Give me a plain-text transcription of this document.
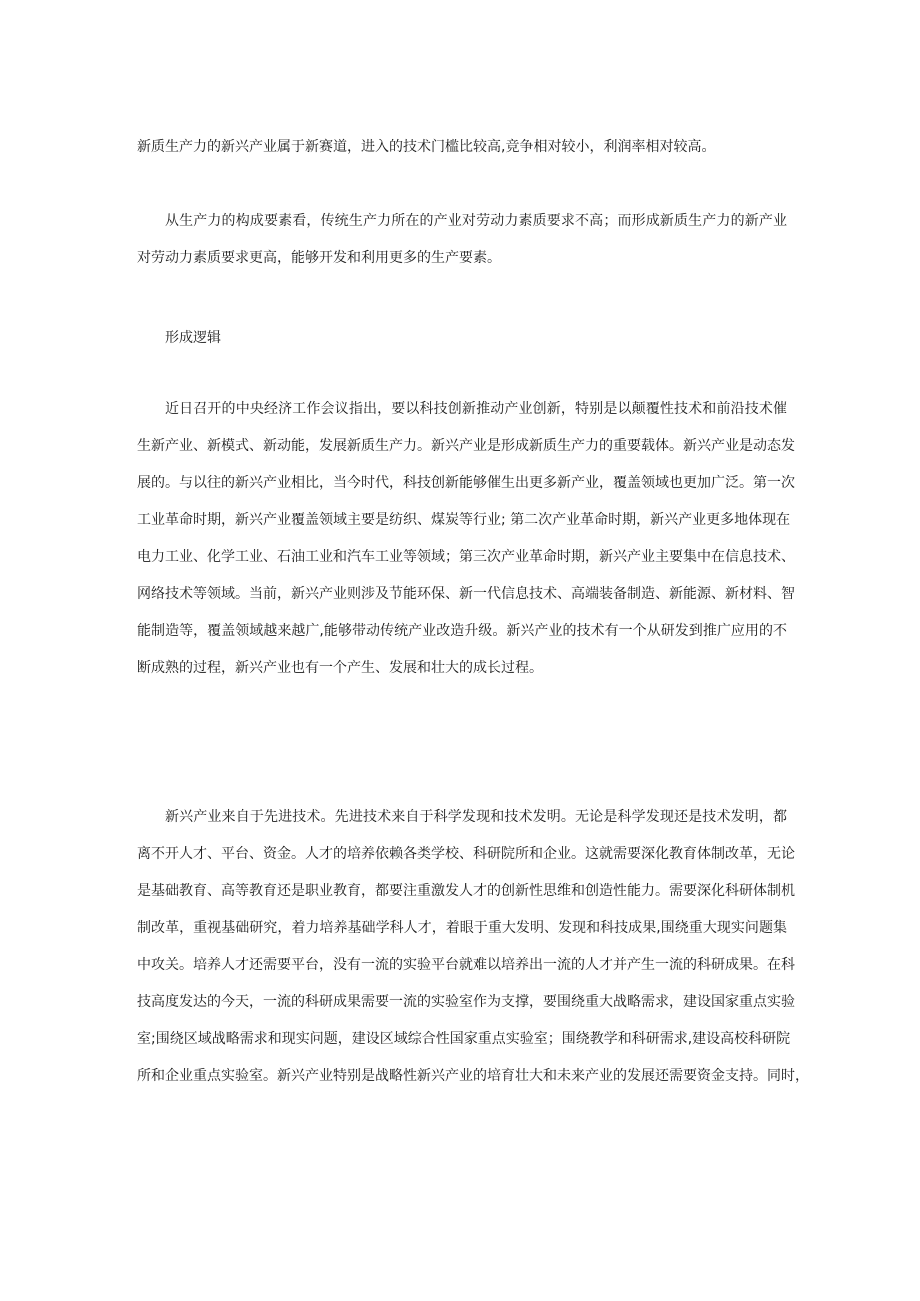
新质生产力的新兴产业属于新赛道，进入的技术门槛比较高,竞争相对较小，利润率相对较高。

从生产力的构成要素看，传统生产力所在的产业对劳动力素质要求不高；而形成新质生产力的新产业
对劳动力素质要求更高，能够开发和利用更多的生产要素。

形成逻辑

近日召开的中央经济工作会议指出，要以科技创新推动产业创新，特别是以颠覆性技术和前沿技术催
生新产业、新模式、新动能，发展新质生产力。新兴产业是形成新质生产力的重要载体。新兴产业是动态发
展的。与以往的新兴产业相比，当今时代，科技创新能够催生出更多新产业，覆盖领域也更加广泛。第一次
工业革命时期，新兴产业覆盖领域主要是纺织、煤炭等行业; 第二次产业革命时期，新兴产业更多地体现在
电力工业、化学工业、石油工业和汽车工业等领域；第三次产业革命时期，新兴产业主要集中在信息技术、
网络技术等领域。当前，新兴产业则涉及节能环保、新一代信息技术、高端装备制造、新能源、新材料、智
能制造等，覆盖领域越来越广,能够带动传统产业改造升级。新兴产业的技术有一个从研发到推广应用的不
断成熟的过程，新兴产业也有一个产生、发展和壮大的成长过程。

新兴产业来自于先进技术。先进技术来自于科学发现和技术发明。无论是科学发现还是技术发明，都
离不开人才、平台、资金。人才的培养依赖各类学校、科研院所和企业。这就需要深化教育体制改革，无论
是基础教育、高等教育还是职业教育，都要注重激发人才的创新性思维和创造性能力。需要深化科研体制机
制改革，重视基础研究，着力培养基础学科人才，着眼于重大发明、发现和科技成果,围绕重大现实问题集
中攻关。培养人才还需要平台，没有一流的实验平台就难以培养出一流的人才并产生一流的科研成果。在科
技高度发达的今天，一流的科研成果需要一流的实验室作为支撑，要围绕重大战略需求，建设国家重点实验
室;围绕区域战略需求和现实问题，建设区域综合性国家重点实验室；围绕教学和科研需求,建设高校科研院
所和企业重点实验室。新兴产业特别是战略性新兴产业的培育壮大和未来产业的发展还需要资金支持。同时，
